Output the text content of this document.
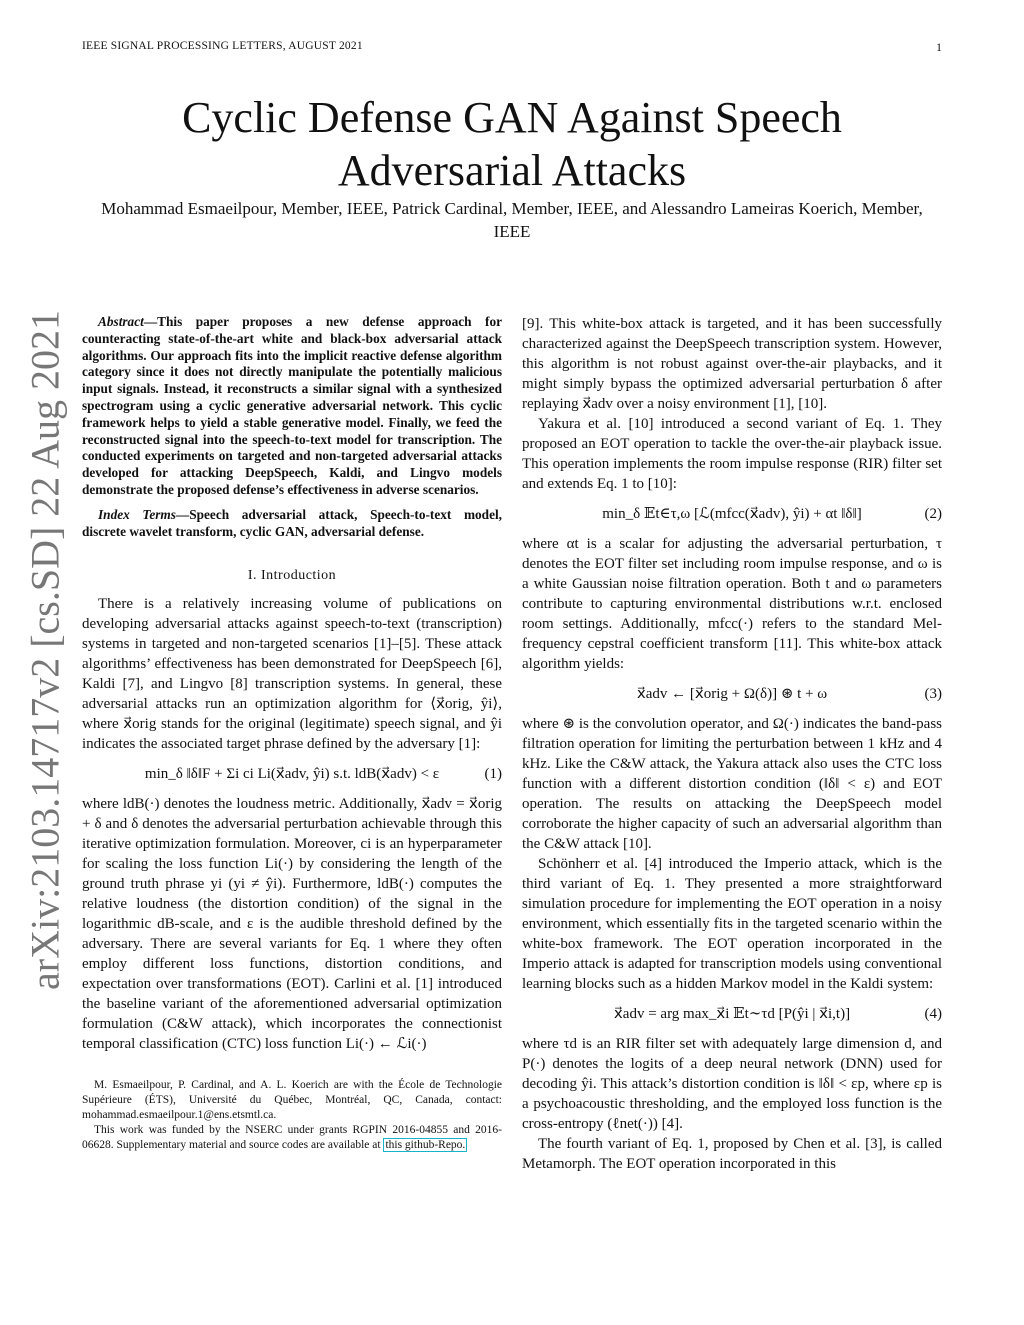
IEEE SIGNAL PROCESSING LETTERS, AUGUST 2021	1
arXiv:2103.14717v2 [cs.SD] 22 Aug 2021
Cyclic Defense GAN Against Speech Adversarial Attacks
Mohammad Esmaeilpour, Member, IEEE, Patrick Cardinal, Member, IEEE, and Alessandro Lameiras Koerich, Member, IEEE

Abstract—This paper proposes a new defense approach for counteracting state-of-the-art white and black-box adversarial attack algorithms. Our approach fits into the implicit reactive defense algorithm category since it does not directly manipulate the potentially malicious input signals. Instead, it reconstructs a similar signal with a synthesized spectrogram using a cyclic generative adversarial network. This cyclic framework helps to yield a stable generative model. Finally, we feed the reconstructed signal into the speech-to-text model for transcription. The conducted experiments on targeted and non-targeted adversarial attacks developed for attacking DeepSpeech, Kaldi, and Lingvo models demonstrate the proposed defense’s effectiveness in adverse scenarios.

Index Terms—Speech adversarial attack, Speech-to-text model, discrete wavelet transform, cyclic GAN, adversarial defense.

I. Introduction

There is a relatively increasing volume of publications on developing adversarial attacks against speech-to-text (transcription) systems in targeted and non-targeted scenarios [1]–[5]. These attack algorithms’ effectiveness has been demonstrated for DeepSpeech [6], Kaldi [7], and Lingvo [8] transcription systems. In general, these adversarial attacks run an optimization algorithm for ⟨x⃗orig, ŷi⟩, where x⃗orig stands for the original (legitimate) speech signal, and ŷi indicates the associated target phrase defined by the adversary [1]:

min_δ ‖δ‖F + Σi ci Li(x⃗adv, ŷi) s.t. ldB(x⃗adv) < ε	(1)

where ldB(·) denotes the loudness metric. Additionally, x⃗adv = x⃗orig + δ and δ denotes the adversarial perturbation achievable through this iterative optimization formulation. Moreover, ci is an hyperparameter for scaling the loss function Li(·) by considering the length of the ground truth phrase yi (yi ≠ ŷi). Furthermore, ldB(·) computes the relative loudness (the distortion condition) of the signal in the logarithmic dB-scale, and ε is the audible threshold defined by the adversary. There are several variants for Eq. 1 where they often employ different loss functions, distortion conditions, and expectation over transformations (EOT). Carlini et al. [1] introduced the baseline variant of the aforementioned adversarial optimization formulation (C&W attack), which incorporates the connectionist temporal classification (CTC) loss function Li(·) ← ℒi(·)

M. Esmaeilpour, P. Cardinal, and A. L. Koerich are with the École de Technologie Supérieure (ÉTS), Université du Québec, Montréal, QC, Canada, contact: mohammad.esmaeilpour.1@ens.etsmtl.ca.

This work was funded by the NSERC under grants RGPIN 2016-04855 and 2016-06628. Supplementary material and source codes are available at this github-Repo.

[9]. This white-box attack is targeted, and it has been successfully characterized against the DeepSpeech transcription system. However, this algorithm is not robust against over-the-air playbacks, and it might simply bypass the optimized adversarial perturbation δ after replaying x⃗adv over a noisy environment [1], [10].

Yakura et al. [10] introduced a second variant of Eq. 1. They proposed an EOT operation to tackle the over-the-air playback issue. This operation implements the room impulse response (RIR) filter set and extends Eq. 1 to [10]:

min_δ 𝔼t∈τ,ω [ℒ(mfcc(x⃗adv), ŷi) + αt ‖δ‖]	(2)

where αt is a scalar for adjusting the adversarial perturbation, τ denotes the EOT filter set including room impulse response, and ω is a white Gaussian noise filtration operation. Both t and ω parameters contribute to capturing environmental distributions w.r.t. enclosed room settings. Additionally, mfcc(·) refers to the standard Mel-frequency cepstral coefficient transform [11]. This white-box attack algorithm yields:

x⃗adv ← [x⃗orig + Ω(δ)] ⊛ t + ω	(3)

where ⊛ is the convolution operator, and Ω(·) indicates the band-pass filtration operation for limiting the perturbation between 1 kHz and 4 kHz. Like the C&W attack, the Yakura attack also uses the CTC loss function with a different distortion condition (‖δ‖ < ε) and EOT operation. The results on attacking the DeepSpeech model corroborate the higher capacity of such an adversarial algorithm than the C&W attack [10].

Schönherr et al. [4] introduced the Imperio attack, which is the third variant of Eq. 1. They presented a more straightforward simulation procedure for implementing the EOT operation in a noisy environment, which essentially fits in the targeted scenario within the white-box framework. The EOT operation incorporated in the Imperio attack is adapted for transcription models using conventional learning blocks such as a hidden Markov model in the Kaldi system:

x⃗adv = arg max_x⃗i 𝔼t∼τd [P(ŷi | x⃗i,t)]	(4)

where τd is an RIR filter set with adequately large dimension d, and P(·) denotes the logits of a deep neural network (DNN) used for decoding ŷi. This attack’s distortion condition is ‖δ‖ < εp, where εp is a psychoacoustic thresholding, and the employed loss function is the cross-entropy (ℓnet(·)) [4].

The fourth variant of Eq. 1, proposed by Chen et al. [3], is called Metamorph. The EOT operation incorporated in this
